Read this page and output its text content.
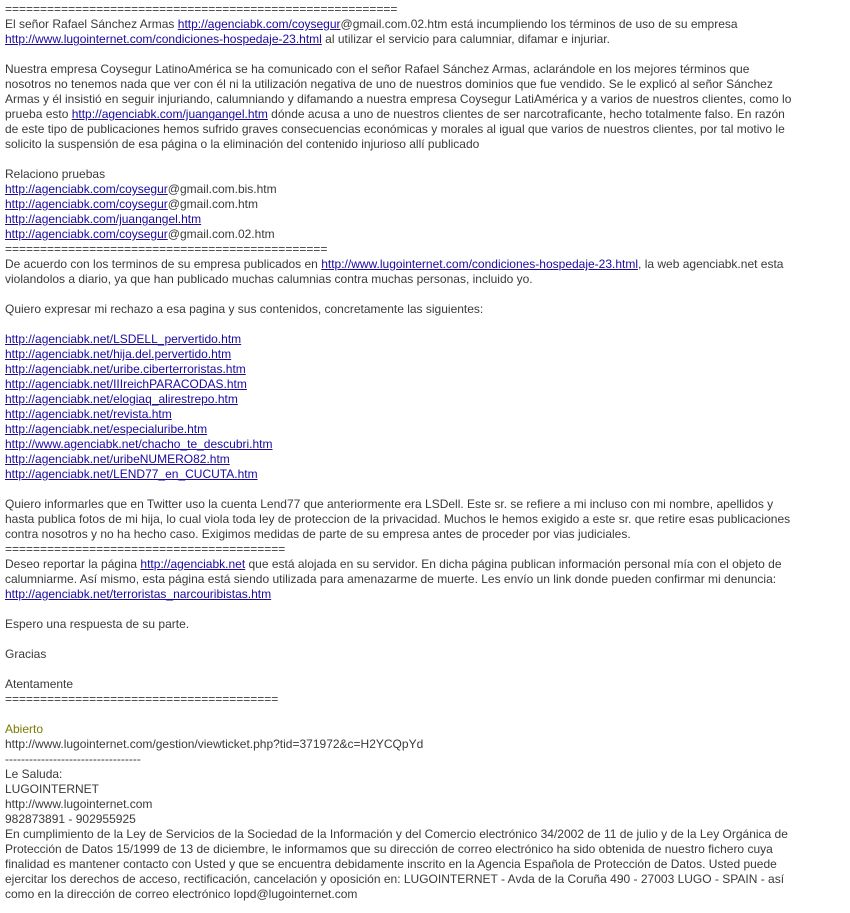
========================================================
El señor Rafael Sánchez Armas http://agenciabk.com/coysegur@gmail.com.02.htm está incumpliendo los términos de uso de su empresa
http://www.lugointernet.com/condiciones-hospedaje-23.html al utilizar el servicio para calumniar, difamar e injuriar.
Nuestra empresa Coysegur LatinoAmérica se ha comunicado con el señor Rafael Sánchez Armas, aclarándole en los mejores términos que
nosotros no tenemos nada que ver con él ni la utilización negativa de uno de nuestros dominios que fue vendido. Se le explicó al señor Sánchez
Armas y él insistió en seguir injuriando, calumniando y difamando a nuestra empresa Coysegur LatiAmérica y a varios de nuestros clientes, como lo
prueba esto http://agenciabk.com/juangangel.htm dónde acusa a uno de nuestros clientes de ser narcotraficante, hecho totalmente falso. En razón
de este tipo de publicaciones hemos sufrido graves consecuencias económicas y morales al igual que varios de nuestros clientes, por tal motivo le
solicito la suspensión de esa página o la eliminación del contenido injurioso allí publicado
Relaciono pruebas
http://agenciabk.com/coysegur@gmail.com.bis.htm
http://agenciabk.com/coysegur@gmail.com.htm
http://agenciabk.com/juangangel.htm
http://agenciabk.com/coysegur@gmail.com.02.htm
==============================================
De acuerdo con los terminos de su empresa publicados en http://www.lugointernet.com/condiciones-hospedaje-23.html, la web agenciabk.net esta
violandolos a diario, ya que han publicado muchas calumnias contra muchas personas, incluido yo.
Quiero expresar mi rechazo a esa pagina y sus contenidos, concretamente las siguientes:
http://agenciabk.net/LSDELL_pervertido.htm
http://agenciabk.net/hija.del.pervertido.htm
http://agenciabk.net/uribe.ciberterroristas.htm
http://agenciabk.net/IIIreichPARACODAS.htm
http://agenciabk.net/elogiaq_alirestrepo.htm
http://agenciabk.net/revista.htm
http://agenciabk.net/especialuribe.htm
http://www.agenciabk.net/chacho_te_descubri.htm
http://agenciabk.net/uribeNUMERO82.htm
http://agenciabk.net/LEND77_en_CUCUTA.htm
Quiero informarles que en Twitter uso la cuenta Lend77 que anteriormente era LSDell. Este sr. se refiere a mi incluso con mi nombre, apellidos y
hasta publica fotos de mi hija, lo cual viola toda ley de proteccion de la privacidad. Muchos le hemos exigido a este sr. que retire esas publicaciones
contra nosotros y no ha hecho caso. Exigimos medidas de parte de su empresa antes de proceder por vias judiciales.
========================================
Deseo reportar la página http://agenciabk.net que está alojada en su servidor. En dicha página publican información personal mía con el objeto de
calumniarme. Así mismo, esta página está siendo utilizada para amenazarme de muerte. Les envío un link donde pueden confirmar mi denuncia:
http://agenciabk.net/terroristas_narcouribistas.htm
Espero una respuesta de su parte.
Gracias
Atentamente
=======================================
Abierto
http://www.lugointernet.com/gestion/viewticket.php?tid=371972&c=H2YCQpYd
----------------------------------
Le Saluda:
LUGOINTERNET
http://www.lugointernet.com
982873891 - 902955925
En cumplimiento de la Ley de Servicios de la Sociedad de la Información y del Comercio electrónico 34/2002 de 11 de julio y de la Ley Orgánica de
Protección de Datos 15/1999 de 13 de diciembre, le informamos que su dirección de correo electrónico ha sido obtenida de nuestro fichero cuya
finalidad es mantener contacto con Usted y que se encuentra debidamente inscrito en la Agencia Española de Protección de Datos. Usted puede
ejercitar los derechos de acceso, rectificación, cancelación y oposición en: LUGOINTERNET - Avda de la Coruña 490 - 27003 LUGO - SPAIN - así
como en la dirección de correo electrónico lopd@lugointernet.com
